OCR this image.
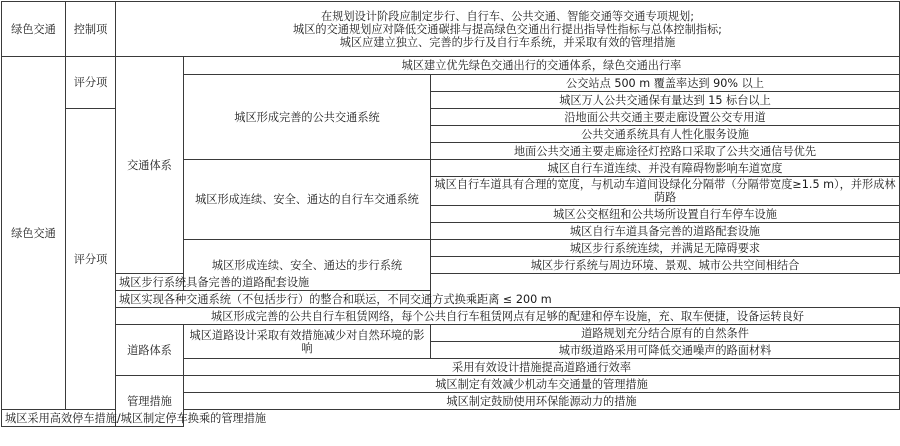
绿色交通	控制项	在规划设计阶段应制定步行、自行车、公共交通、智能交通等交通专项规划;
城区的交通规划应对降低交通碳排与提高绿色交通出行提出指导性指标与总体控制指标;
城区应建立独立、完善的步行及自行车系统，并采取有效的管理措施		

绿色交通	评分项	交通体系	城区建立优先绿色交通出行的交通体系，绿色交通出行率	
			城区形成完善的公共交通系统	公交站点 500 m 覆盖率达到 90% 以上
				城区万人公共交通保有量达到 15 标台以上
	评分项			沿地面公共交通主要走廊设置公交专用道
				公共交通系统具有人性化服务设施
				地面公共交通主要走廊途径灯控路口采取了公共交通信号优先
			城区形成连续、安全、通达的自行车交通系统	城区自行车道连续、并没有障碍物影响车道宽度
				城区自行车道具有合理的宽度，与机动车道间设绿化分隔带（分隔带宽度≥1.5 m），并形成林荫路
				城区公交枢纽和公共场所设置自行车停车设施
				城区自行车道具备完善的道路配套设施
			城区形成连续、安全、通达的步行系统	城区步行系统连续，并满足无障碍要求
				城区步行系统与周边环境、景观、城市公共空间相结合
		城区步行系统具备完善的道路配套设施		
		城区实现各种交通系统（不包括步行）的整合和联运，不同交通方式换乘距离 ≤ 200 m		
		城区形成完善的公共自行车租赁网络，每个公共自行车租赁网点有足够的配建和停车设施，充、取车便捷，设备运转良好		
		道路体系	城区道路设计采取有效措施减少对自然环境的影响	道路规划充分结合原有的自然条件
				城市级道路采用可降低交通噪声的路面材料
			采用有效设计措施提高道路通行效率	
		管理措施	城区制定有效减少机动车交通量的管理措施	
			城区制定鼓励使用环保能源动力的措施	
城区采用高效停车措施/城区制定停车换乘的管理措施				
